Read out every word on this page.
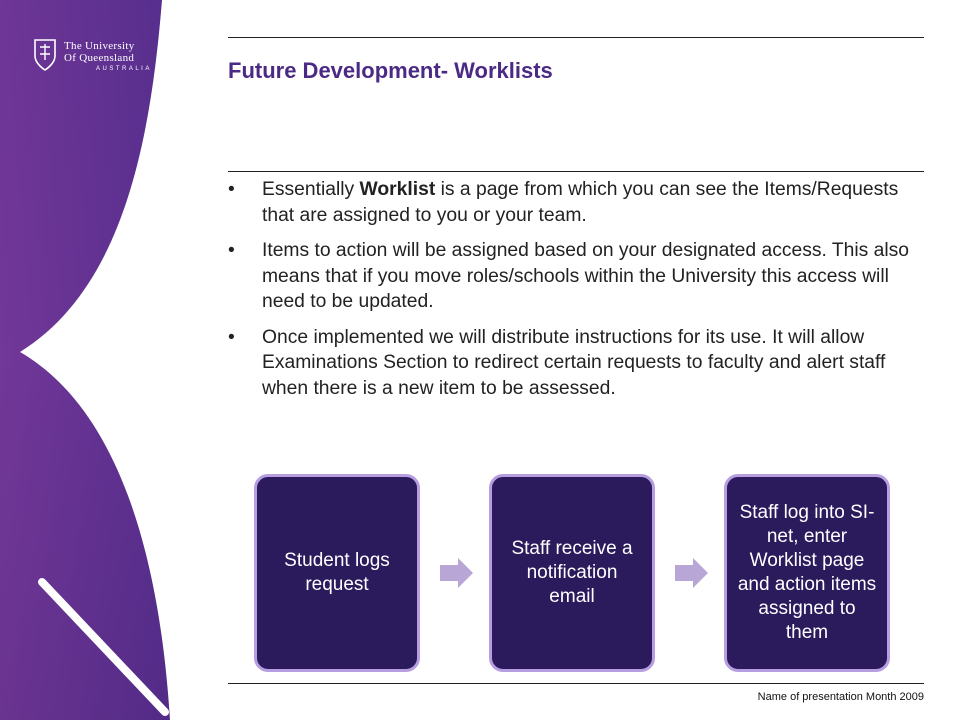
The University
Of Queensland
AUSTRALIA	Future Development- Worklists
• Essentially Worklist is a page from which you can see the Items/Requests that are assigned to you or your team.
• Items to action will be assigned based on your designated access. This also means that if you move roles/schools within the University this access will need to be updated.
• Once implemented we will distribute instructions for its use. It will allow Examinations Section to redirect certain requests to faculty and alert staff when there is a new item to be assessed.
Student logs request
Staff receive a notification email
Staff log into SI-net, enter Worklist page and action items assigned to them
Name of presentation Month 2009
